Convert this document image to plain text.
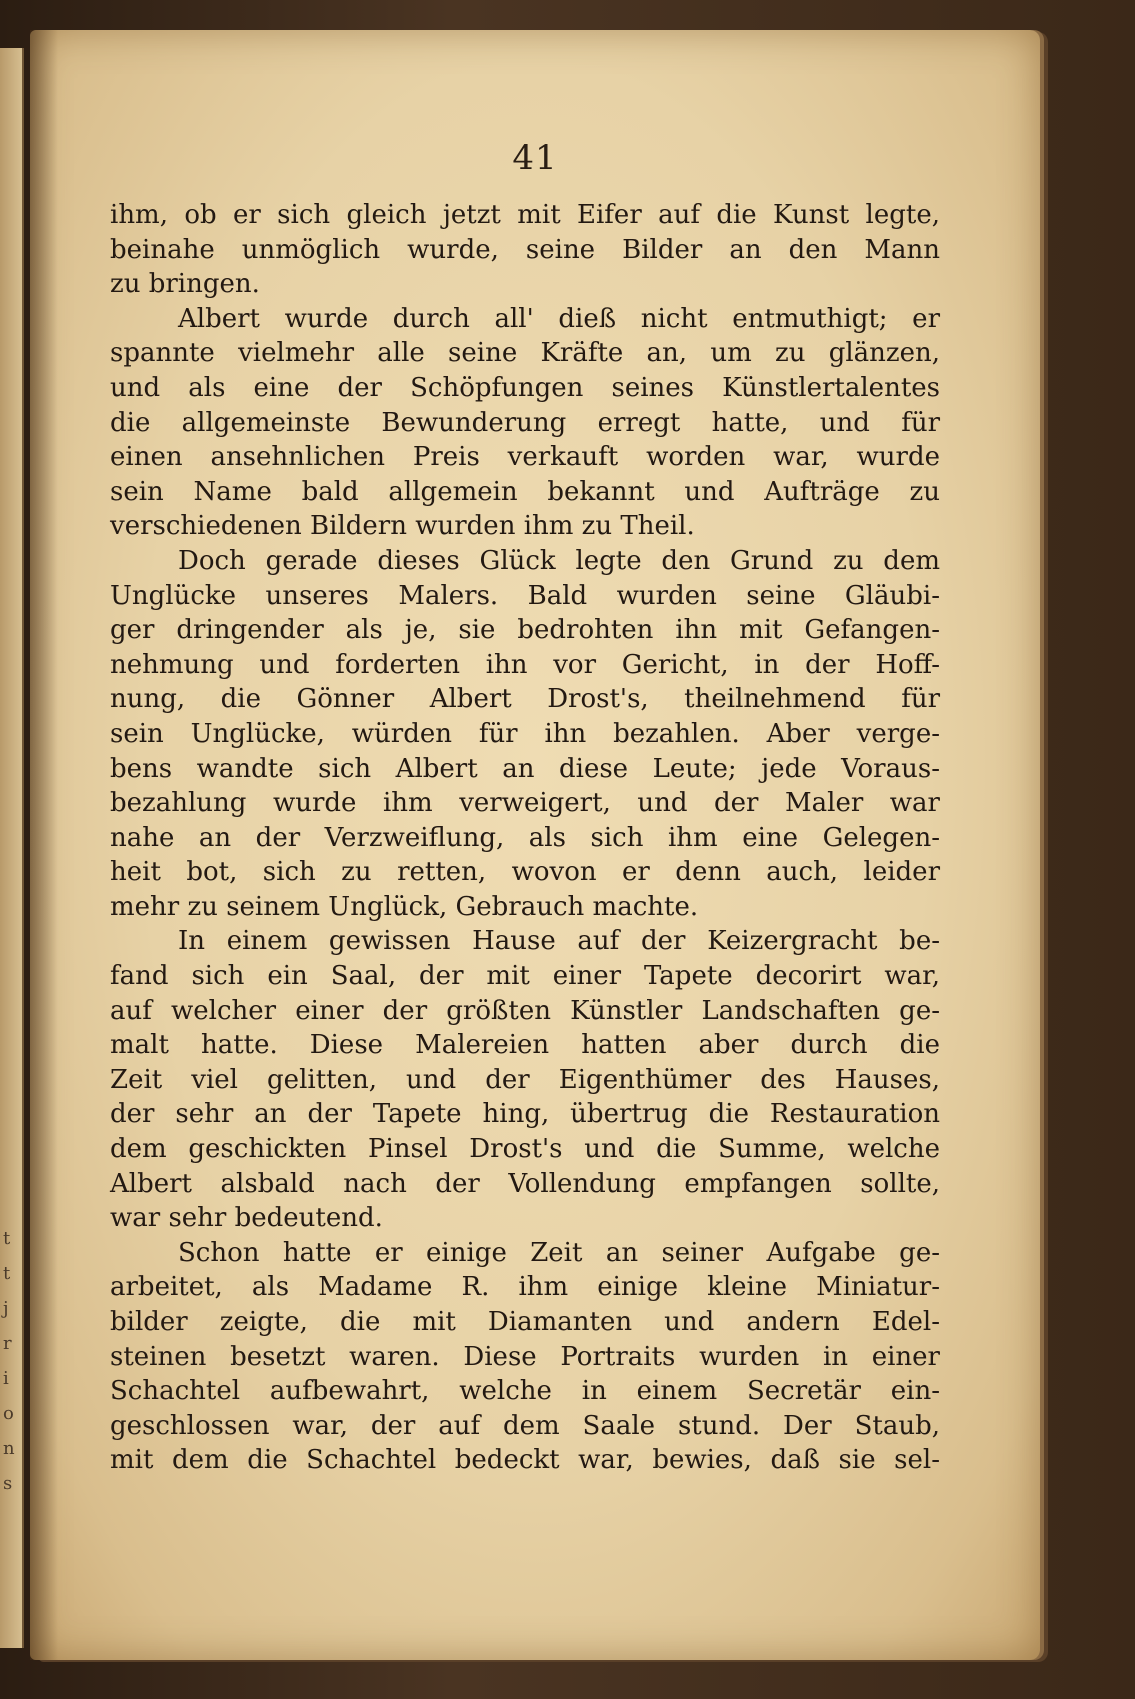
t
t
j
r
i
o
n
s
41
ihm, ob er sich gleich jetzt mit Eifer auf die Kunst legte,
beinahe unmöglich wurde, seine Bilder an den Mann
zu bringen.
Albert wurde durch all' dieß nicht entmuthigt; er
spannte vielmehr alle seine Kräfte an, um zu glänzen,
und als eine der Schöpfungen seines Künstlertalentes
die allgemeinste Bewunderung erregt hatte, und für
einen ansehnlichen Preis verkauft worden war, wurde
sein Name bald allgemein bekannt und Aufträge zu
verschiedenen Bildern wurden ihm zu Theil.
Doch gerade dieses Glück legte den Grund zu dem
Unglücke unseres Malers. Bald wurden seine Gläubi-
ger dringender als je, sie bedrohten ihn mit Gefangen-
nehmung und forderten ihn vor Gericht, in der Hoff-
nung, die Gönner Albert Drost's, theilnehmend für
sein Unglücke, würden für ihn bezahlen. Aber verge-
bens wandte sich Albert an diese Leute; jede Voraus-
bezahlung wurde ihm verweigert, und der Maler war
nahe an der Verzweiflung, als sich ihm eine Gelegen-
heit bot, sich zu retten, wovon er denn auch, leider
mehr zu seinem Unglück, Gebrauch machte.
In einem gewissen Hause auf der Keizergracht be-
fand sich ein Saal, der mit einer Tapete decorirt war,
auf welcher einer der größten Künstler Landschaften ge-
malt hatte. Diese Malereien hatten aber durch die
Zeit viel gelitten, und der Eigenthümer des Hauses,
der sehr an der Tapete hing, übertrug die Restauration
dem geschickten Pinsel Drost's und die Summe, welche
Albert alsbald nach der Vollendung empfangen sollte,
war sehr bedeutend.
Schon hatte er einige Zeit an seiner Aufgabe ge-
arbeitet, als Madame R. ihm einige kleine Miniatur-
bilder zeigte, die mit Diamanten und andern Edel-
steinen besetzt waren. Diese Portraits wurden in einer
Schachtel aufbewahrt, welche in einem Secretär ein-
geschlossen war, der auf dem Saale stund. Der Staub,
mit dem die Schachtel bedeckt war, bewies, daß sie sel-
